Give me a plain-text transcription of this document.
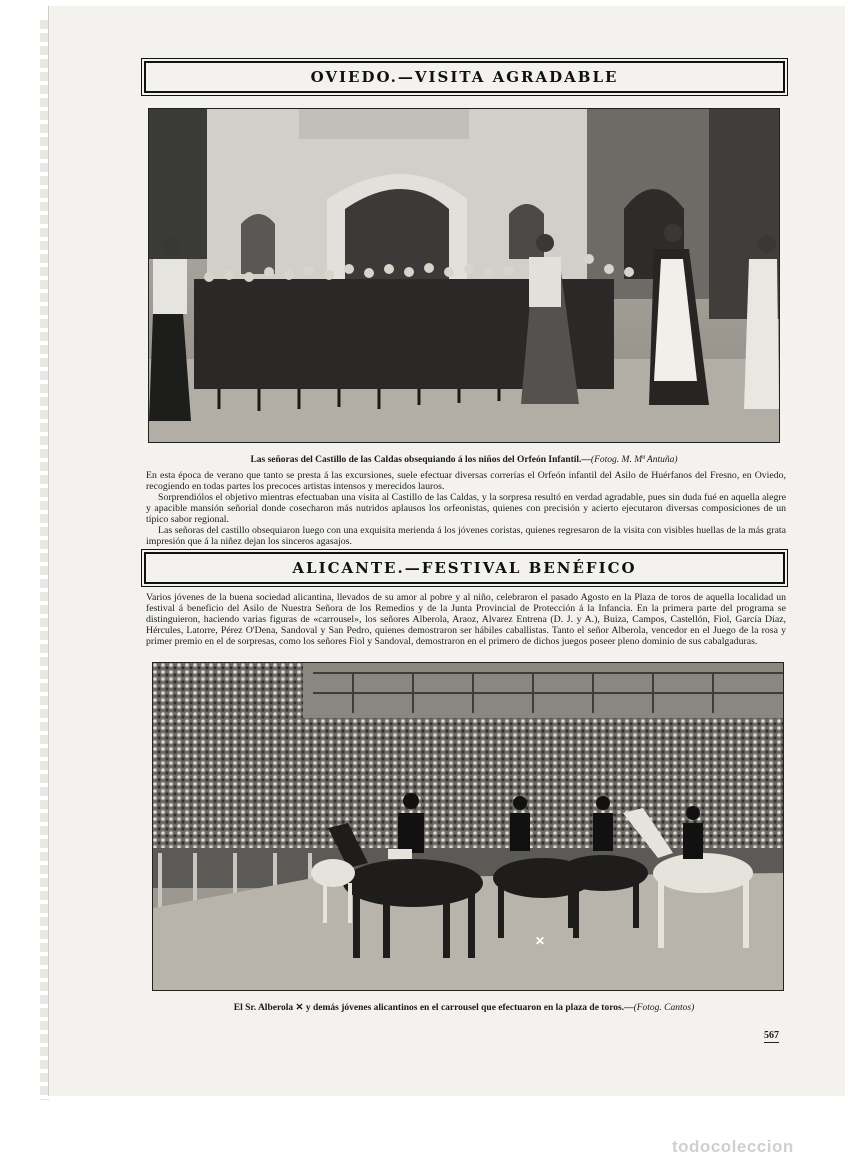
OVIEDO.—VISITA AGRADABLE
Las señoras del Castillo de las Caldas obsequiando á los niños del Orfeón Infantil.—(Fotog. M. Mª Antuña)

En esta época de verano que tanto se presta á las excursiones, suele efectuar diversas correrías el Orfeón infantil del Asilo de Huérfanos del Fresno, en Oviedo, recogiendo en todas partes los precoces artistas intensos y merecidos lauros.

Sorprendiólos el objetivo mientras efectuaban una visita al Castillo de las Caldas, y la sorpresa resultó en verdad agradable, pues sin duda fué en aquella alegre y apacible mansión señorial donde cosecharon más nutridos aplausos los orfeonistas, quienes con precisión y acierto ejecutaron diversas composiciones de un típico sabor regional.

Las señoras del castillo obsequiaron luego con una exquisita merienda á los jóvenes coristas, quienes regresaron de la visita con visibles huellas de la más grata impresión que á la niñez dejan los sinceros agasajos.

ALICANTE.—FESTIVAL BENÉFICO

Varios jóvenes de la buena sociedad alicantina, llevados de su amor al pobre y al niño, celebraron el pasado Agosto en la Plaza de toros de aquella localidad un festival á beneficio del Asilo de Nuestra Señora de los Remedios y de la Junta Provincial de Protección á la Infancia. En la primera parte del programa se distinguieron, haciendo varias figuras de «carrousel», los señores Alberola, Araoz, Alvarez Entrena (D. J. y A.), Buiza, Campos, Castellón, Fiol, García Díaz, Hércules, Latorre, Pérez O'Dena, Sandoval y San Pedro, quienes demostraron ser hábiles caballistas. Tanto el señor Alberola, vencedor en el Juego de la rosa y primer premio en el de sorpresas, como los señores Fiol y Sandoval, demostraron en el primero de dichos juegos poseer pleno dominio de sus cabalgaduras.

✕
El Sr. Alberola ✕ y demás jóvenes alicantinos en el carrousel que efectuaron en la plaza de toros.—(Fotog. Cantos)
567
todocoleccion
